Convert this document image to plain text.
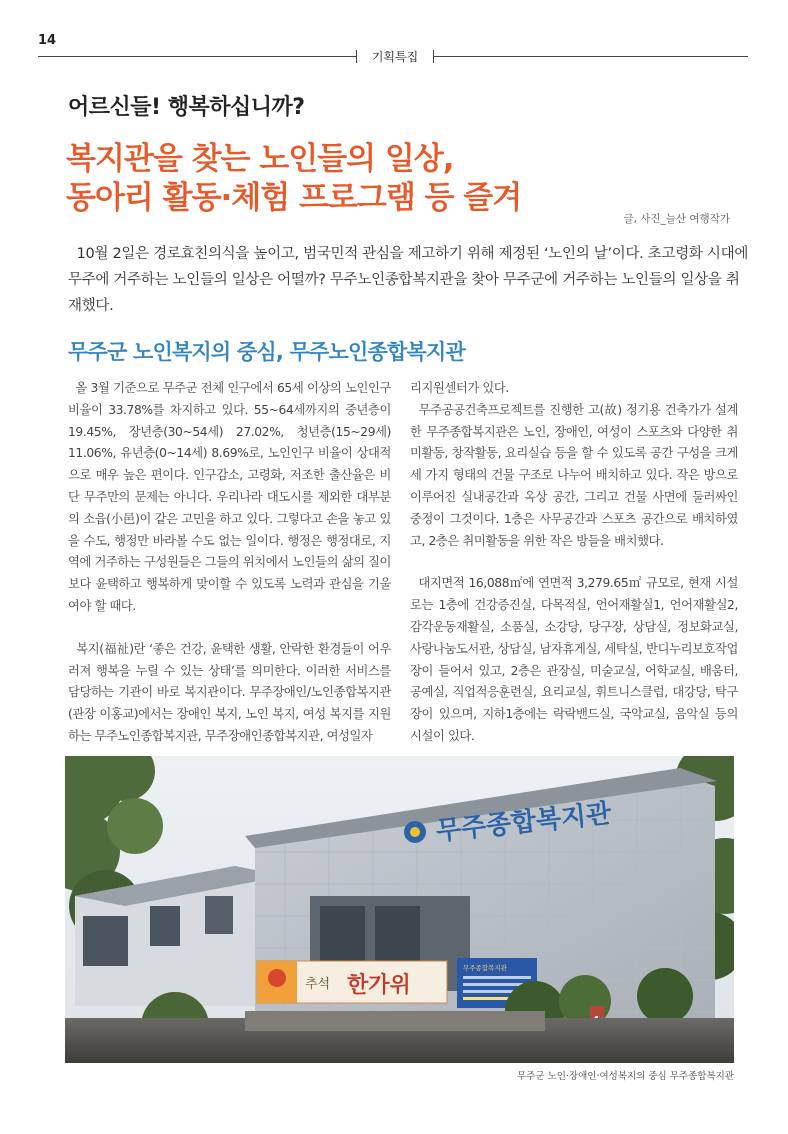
14
기획특집
어르신들! 행복하십니까?
복지관을 찾는 노인들의 일상,
동아리 활동·체험 프로그램 등 즐겨
글, 사진_늘산 여행작가
10월 2일은 경로효친의식을 높이고, 범국민적 관심을 제고하기 위해 제정된 ‘노인의 날’이다. 초고령화 시대에 무주에 거주하는 노인들의 일상은 어떨까? 무주노인종합복지관을 찾아 무주군에 거주하는 노인들의 일상을 취재했다.
무주군 노인복지의 중심, 무주노인종합복지관

올 3월 기준으로 무주군 전체 인구에서 65세 이상의 노인인구 비율이 33.78%를 차지하고 있다. 55~64세까지의 중년층이 19.45%, 장년층(30~54세) 27.02%, 청년층(15~29세) 11.06%, 유년층(0~14세) 8.69%로, 노인인구 비율이 상대적으로 매우 높은 편이다. 인구감소, 고령화, 저조한 출산율은 비단 무주만의 문제는 아니다. 우리나라 대도시를 제외한 대부분의 소읍(小邑)이 같은 고민을 하고 있다. 그렇다고 손을 놓고 있을 수도, 행정만 바라볼 수도 없는 일이다. 행정은 행정대로, 지역에 거주하는 구성원들은 그들의 위치에서 노인들의 삶의 질이 보다 윤택하고 행복하게 맞이할 수 있도록 노력과 관심을 기울여야 할 때다.

복지(福祉)란 ‘좋은 건강, 윤택한 생활, 안락한 환경들이 어우러져 행복을 누릴 수 있는 상태’를 의미한다. 이러한 서비스를 담당하는 기관이 바로 복지관이다. 무주장애인/노인종합복지관(관장 이홍교)에서는 장애인 복지, 노인 복지, 여성 복지를 지원하는 무주노인종합복지관, 무주장애인종합복지관, 여성일자

리지원센터가 있다.

무주공공건축프로젝트를 진행한 고(故) 정기용 건축가가 설계한 무주종합복지관은 노인, 장애인, 여성이 스포츠와 다양한 취미활동, 창작활동, 요리실습 등을 할 수 있도록 공간 구성을 크게 세 가지 형태의 건물 구조로 나누어 배치하고 있다. 작은 방으로 이루어진 실내공간과 옥상 공간, 그리고 건물 사면에 둘러싸인 중정이 그것이다. 1층은 사무공간과 스포츠 공간으로 배치하였고, 2층은 취미활동을 위한 작은 방들을 배치했다.

대지면적 16,088㎡에 연면적 3,279.65㎡ 규모로, 현재 시설로는 1층에 건강증진실, 다목적실, 언어재활실1, 언어재활실2, 감각운동재활실, 소품실, 소강당, 당구장, 상담실, 정보화교실, 사랑나눔도서관, 상담실, 남자휴게실, 세탁실, 반디누리보호작업장이 들어서 있고, 2층은 관장실, 미술교실, 어학교실, 배움터, 공예실, 직업적응훈련실, 요리교실, 휘트니스클럽, 대강당, 탁구장이 있으며, 지하1층에는 락락밴드실, 국악교실, 음악실 등의 시설이 있다.

무주종합복지관
추석 한가위
무주종합복지관
무주군 노인·장애인·여성복지의 중심 무주종합복지관
